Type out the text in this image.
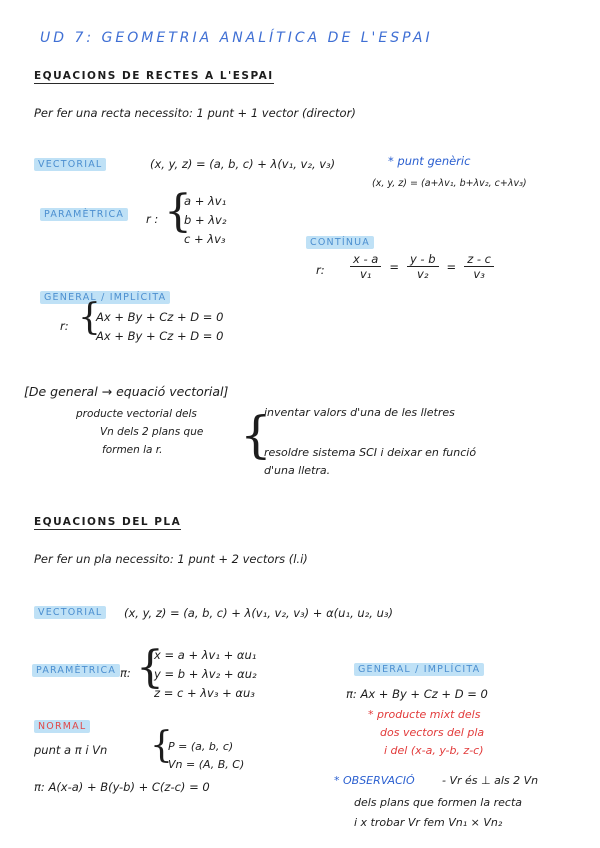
UD 7: GEOMETRIA ANALÍTICA DE L'ESPAI
EQUACIONS DE RECTES A L'ESPAI
Per fer una recta necessito: 1 punt + 1 vector (director)
VECTORIAL	(x, y, z) = (a, b, c) + λ(v₁, v₂, v₃)	* punt genèric
(x, y, z) = (a+λv₁, b+λv₂, c+λv₃)
PARAMÈTRICA	r : {
a + λv₁
b + λv₂
c + λv₃	CONTÍNUA
r: $\frac{x - a}{\text{v₁}} = \frac{y - b}{\text{v₂}} = \frac{z - c}{\text{v₃}}$
GENERAL / IMPLÍCITA
r: {
Ax + By + Cz + D = 0
Ax + By + Cz + D = 0
[De general → equació vectorial]
producte vectorial dels
Vn dels 2 plans que
formen la r. {
inventar valors d'una de les lletres
resoldre sistema SCI i deixar en funció
d'una lletra.
EQUACIONS DEL PLA
Per fer un pla necessito: 1 punt + 2 vectors (l.i)
VECTORIAL	(x, y, z) = (a, b, c) + λ(v₁, v₂, v₃) + α(u₁, u₂, u₃)
PARAMÈTRICA π: {
x = a + λv₁ + αu₁
y = b + λv₂ + αu₂
z = c + λv₃ + αu₃
GENERAL / IMPLÍCITA
π: Ax + By + Cz + D = 0
* producte mixt dels
dos vectors del pla
i del (x-a, y-b, z-c)
NORMAL
punt a π i Vn {
P = (a, b, c)
Vn = (A, B, C)
π: A(x-a) + B(y-b) + C(z-c) = 0	* OBSERVACIÓ - Vr és ⊥ als 2 Vn
dels plans que formen la recta
i x trobar Vr fem Vn₁ × Vn₂
